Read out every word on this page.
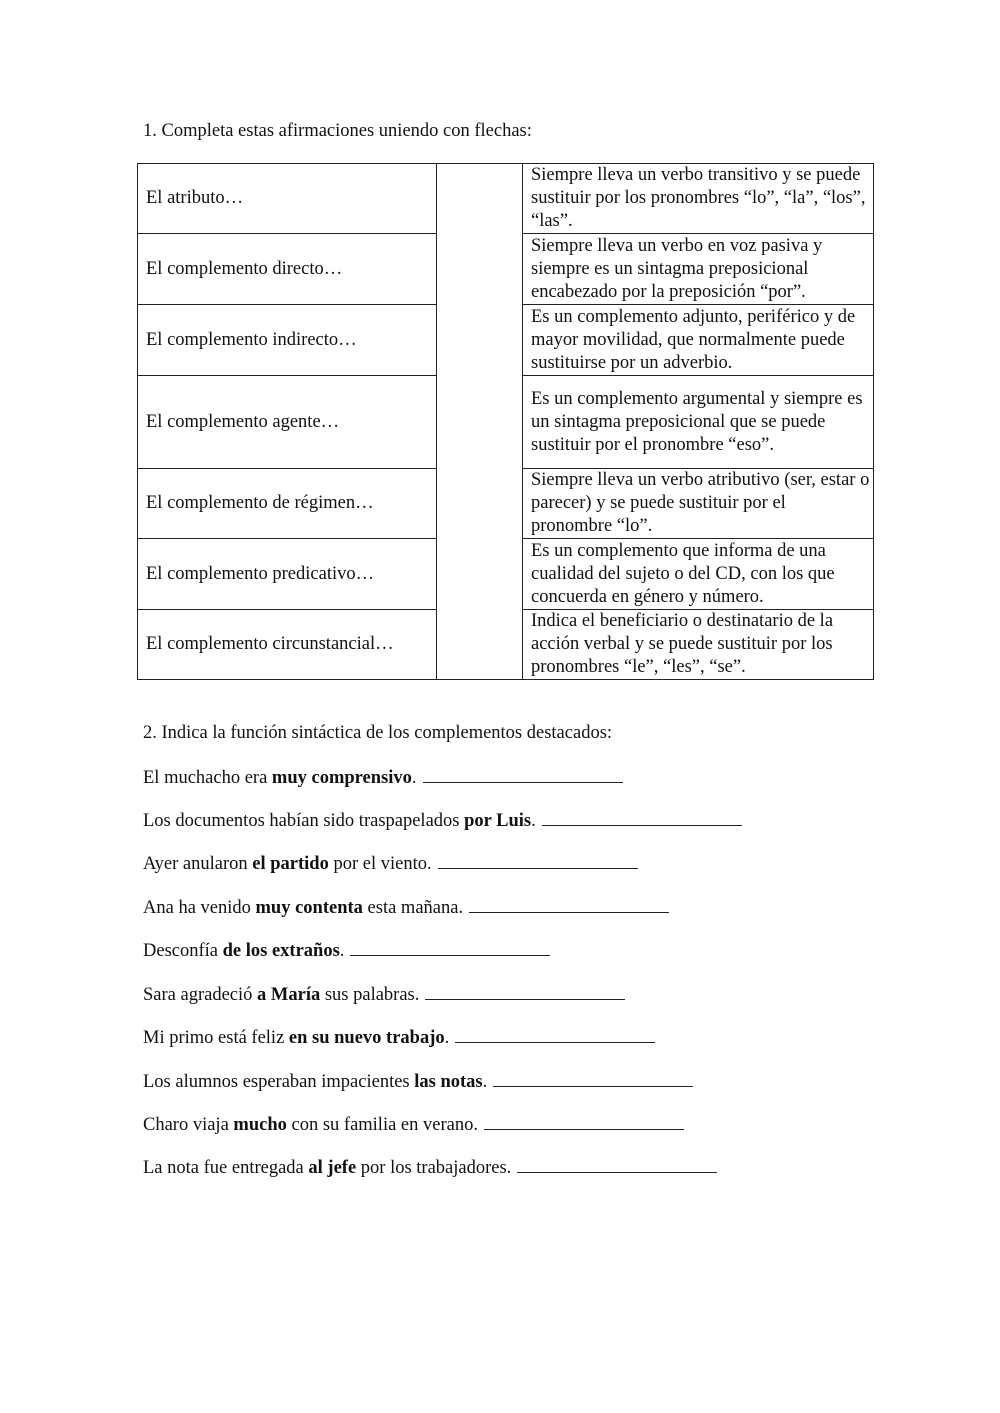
1. Completa estas afirmaciones uniendo con flechas:

El atributo…		Siempre lleva un verbo transitivo y se puede sustituir por los pronombres “lo”, “la”, “los”, “las”.
El complemento directo…		Siempre lleva un verbo en voz pasiva y siempre es un sintagma preposicional encabezado por la preposición “por”.
El complemento indirecto…		Es un complemento adjunto, periférico y de mayor movilidad, que normalmente puede sustituirse por un adverbio.
El complemento agente…		Es un complemento argumental y siempre es un sintagma preposicional que se puede sustituir por el pronombre “eso”.
El complemento de régimen…		Siempre lleva un verbo atributivo (ser, estar o parecer) y se puede sustituir por el pronombre “lo”.
El complemento predicativo…		Es un complemento que informa de una cualidad del sujeto o del CD, con los que concuerda en género y número.
El complemento circunstancial…		Indica el beneficiario o destinatario de la acción verbal y se puede sustituir por los pronombres “le”, “les”, “se”.

2. Indica la función sintáctica de los complementos destacados:

El muchacho era muy comprensivo.

Los documentos habían sido traspapelados por Luis.

Ayer anularon el partido por el viento.

Ana ha venido muy contenta esta mañana.

Desconfía de los extraños.

Sara agradeció a María sus palabras.

Mi primo está feliz en su nuevo trabajo.

Los alumnos esperaban impacientes las notas.

Charo viaja mucho con su familia en verano.

La nota fue entregada al jefe por los trabajadores.
